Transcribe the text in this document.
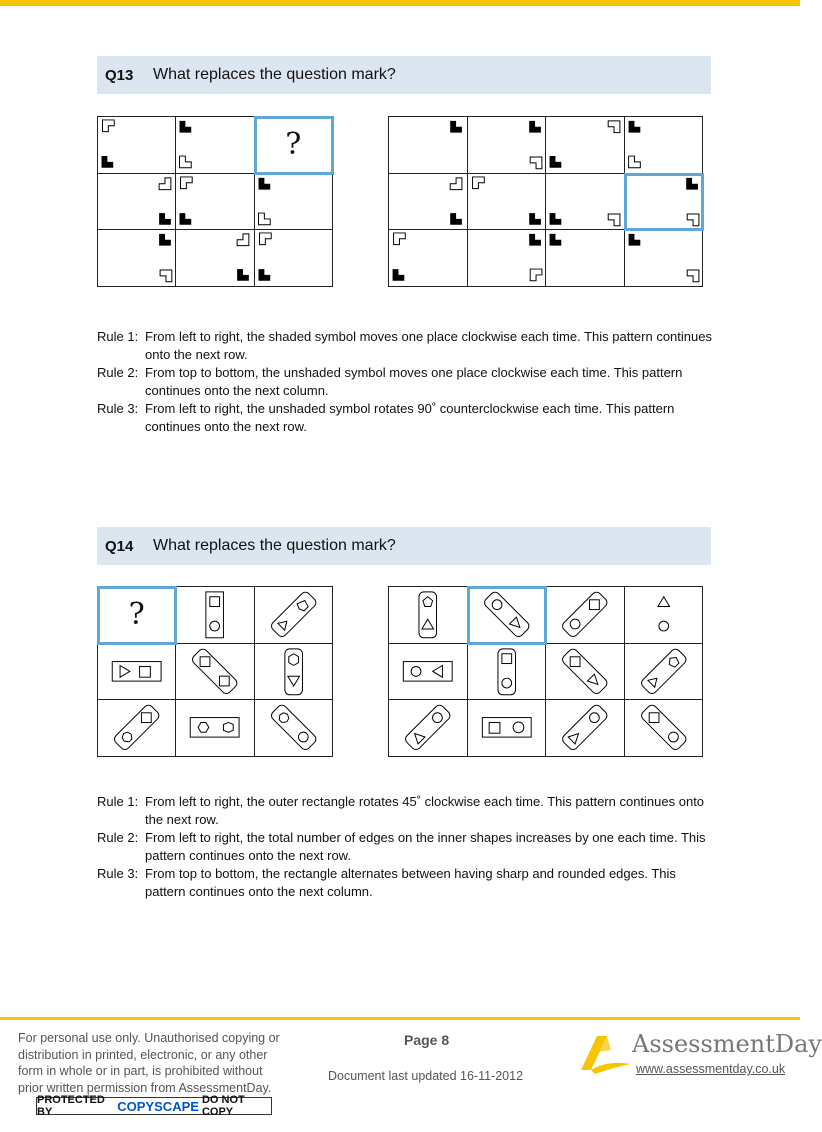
Q13 What replaces the question mark?
?
Rule 1: From left to right, the shaded symbol moves one place clockwise each time. This pattern continues onto the next row.
Rule 2: From top to bottom, the unshaded symbol moves one place clockwise each time. This pattern continues onto the next column.
Rule 3: From left to right, the unshaded symbol rotates 90˚ counterclockwise each time. This pattern continues onto the next row.
Q14 What replaces the question mark?
?
Rule 1: From left to right, the outer rectangle rotates 45˚ clockwise each time. This pattern continues onto the next row.
Rule 2: From left to right, the total number of edges on the inner shapes increases by one each time. This pattern continues onto the next row.
Rule 3: From top to bottom, the rectangle alternates between having sharp and rounded edges. This pattern continues onto the next column.
For personal use only. Unauthorised copying or distribution in printed, electronic, or any other form in whole or in part, is prohibited without prior written permission from AssessmentDay.
PROTECTED BY	COPYSCAPE DO NOT COPY
Page 8
Document last updated 16-11-2012
AssessmentDay
www.assessmentday.co.uk
